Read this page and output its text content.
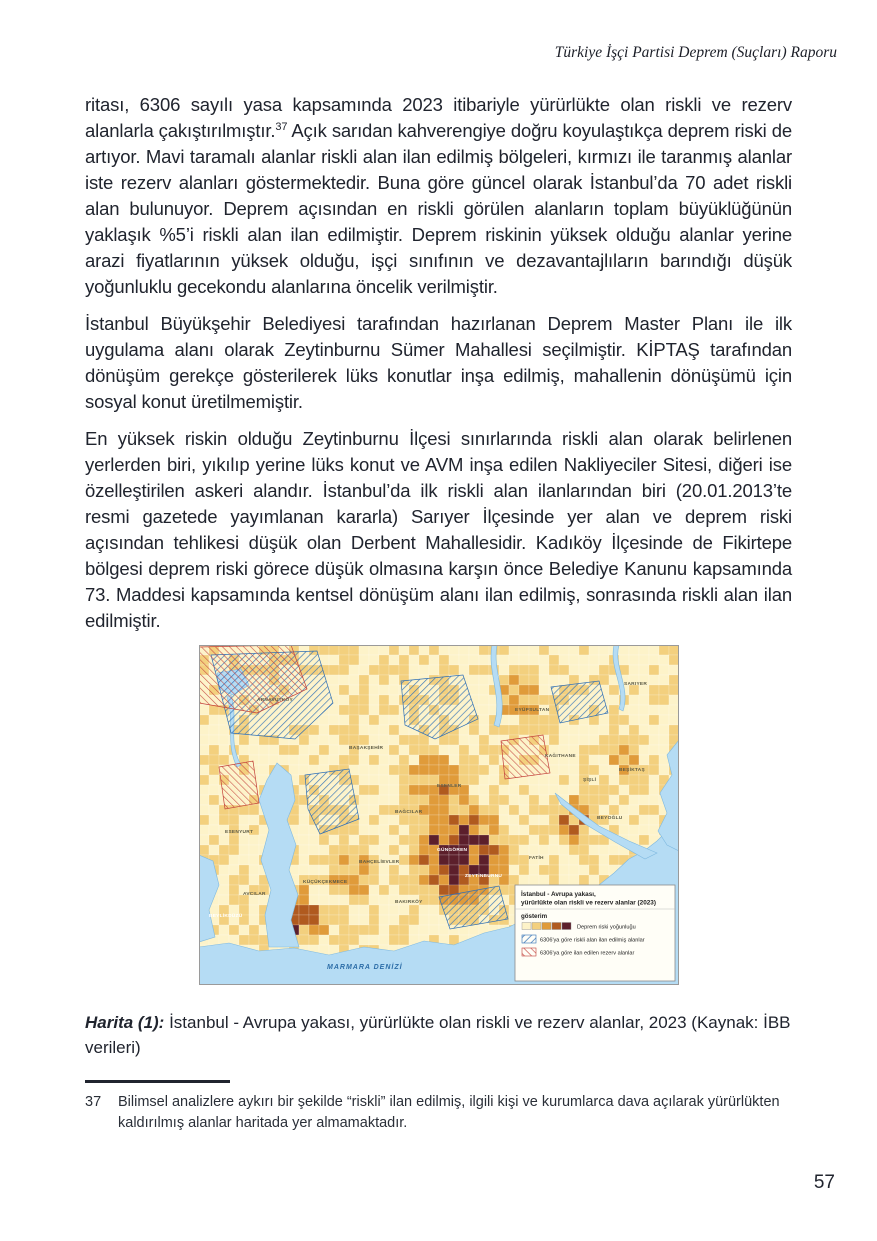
Türkiye İşçi Partisi Deprem (Suçları) Raporu

ritası, 6306 sayılı yasa kapsamında 2023 itibariyle yürürlükte olan riskli ve rezerv alanlarla çakıştırılmıştır.$^{37}$ Açık sarıdan kahverengiye doğru koyulaştıkça deprem riski de artıyor. Mavi taramalı alanlar riskli alan ilan edilmiş bölgeleri, kırmızı ile taranmış alanlar iste rezerv alanları göstermektedir. Buna göre güncel olarak İstanbul’da 70 adet riskli alan bulunuyor. Deprem açısından en riskli görülen alanların toplam büyüklüğünün yaklaşık %5’i riskli alan ilan edilmiştir. Deprem riskinin yüksek olduğu alanlar yerine arazi fiyatlarının yüksek olduğu, işçi sınıfının ve dezavantajlıların barındığı düşük yoğunluklu gecekondu alanlarına öncelik verilmiştir.

İstanbul Büyükşehir Belediyesi tarafından hazırlanan Deprem Master Planı ile ilk uygulama alanı olarak Zeytinburnu Sümer Mahallesi seçilmiştir. KİPTAŞ tarafından dönüşüm gerekçe gösterilerek lüks konutlar inşa edilmiş, mahallenin dönüşümü için sosyal konut üretilmemiştir.

En yüksek riskin olduğu Zeytinburnu İlçesi sınırlarında riskli alan olarak belirlenen yerlerden biri, yıkılıp yerine lüks konut ve AVM inşa edilen Nakliyeciler Sitesi, diğeri ise özelleştirilen askeri alandır. İstanbul’da ilk riskli alan ilanlarından biri (20.01.2013’te resmi gazetede yayımlanan kararla) Sarıyer İlçesinde yer alan ve deprem riski açısından tehlikesi düşük olan Derbent Mahallesidir. Kadıköy İlçesinde de Fikirtepe bölgesi deprem riski görece düşük olmasına karşın önce Belediye Kanunu kapsamında 73. Maddesi kapsamında kentsel dönüşüm alanı ilan edilmiş, sonrasında riskli alan ilan edilmiştir.

ARNAVUTKÖY
BAŞAKŞEHİR
EYÜPSULTAN
SARIYER
KAĞITHANE
ŞİŞLİ
BEŞİKTAŞ
BEYOĞLU
ESENLER
BAĞCILAR
GÜNGÖREN
BAHÇELİEVLER
ZEYTİNBURNU
FATİH
BAKIRKÖY
KÜÇÜKÇEKMECE
AVCILAR
ESENYURT
BEYLİKDÜZÜ
MARMARA DENİZİ
İstanbul - Avrupa yakası,
yürürlükte olan riskli ve rezerv alanlar (2023)
gösterim
Deprem riski yoğunluğu
6306'ya göre riskli alan ilan edilmiş alanlar
6306'ya göre ilan edilen rezerv alanlar

Harita (1): İstanbul - Avrupa yakası, yürürlükte olan riskli ve rezerv alanlar, 2023 (Kaynak: İBB verileri)

37	Bilimsel analizlere aykırı bir şekilde “riskli” ilan edilmiş, ilgili kişi ve kurumlarca dava açılarak yürürlükten kaldırılmış alanlar haritada yer almamaktadır.
57
